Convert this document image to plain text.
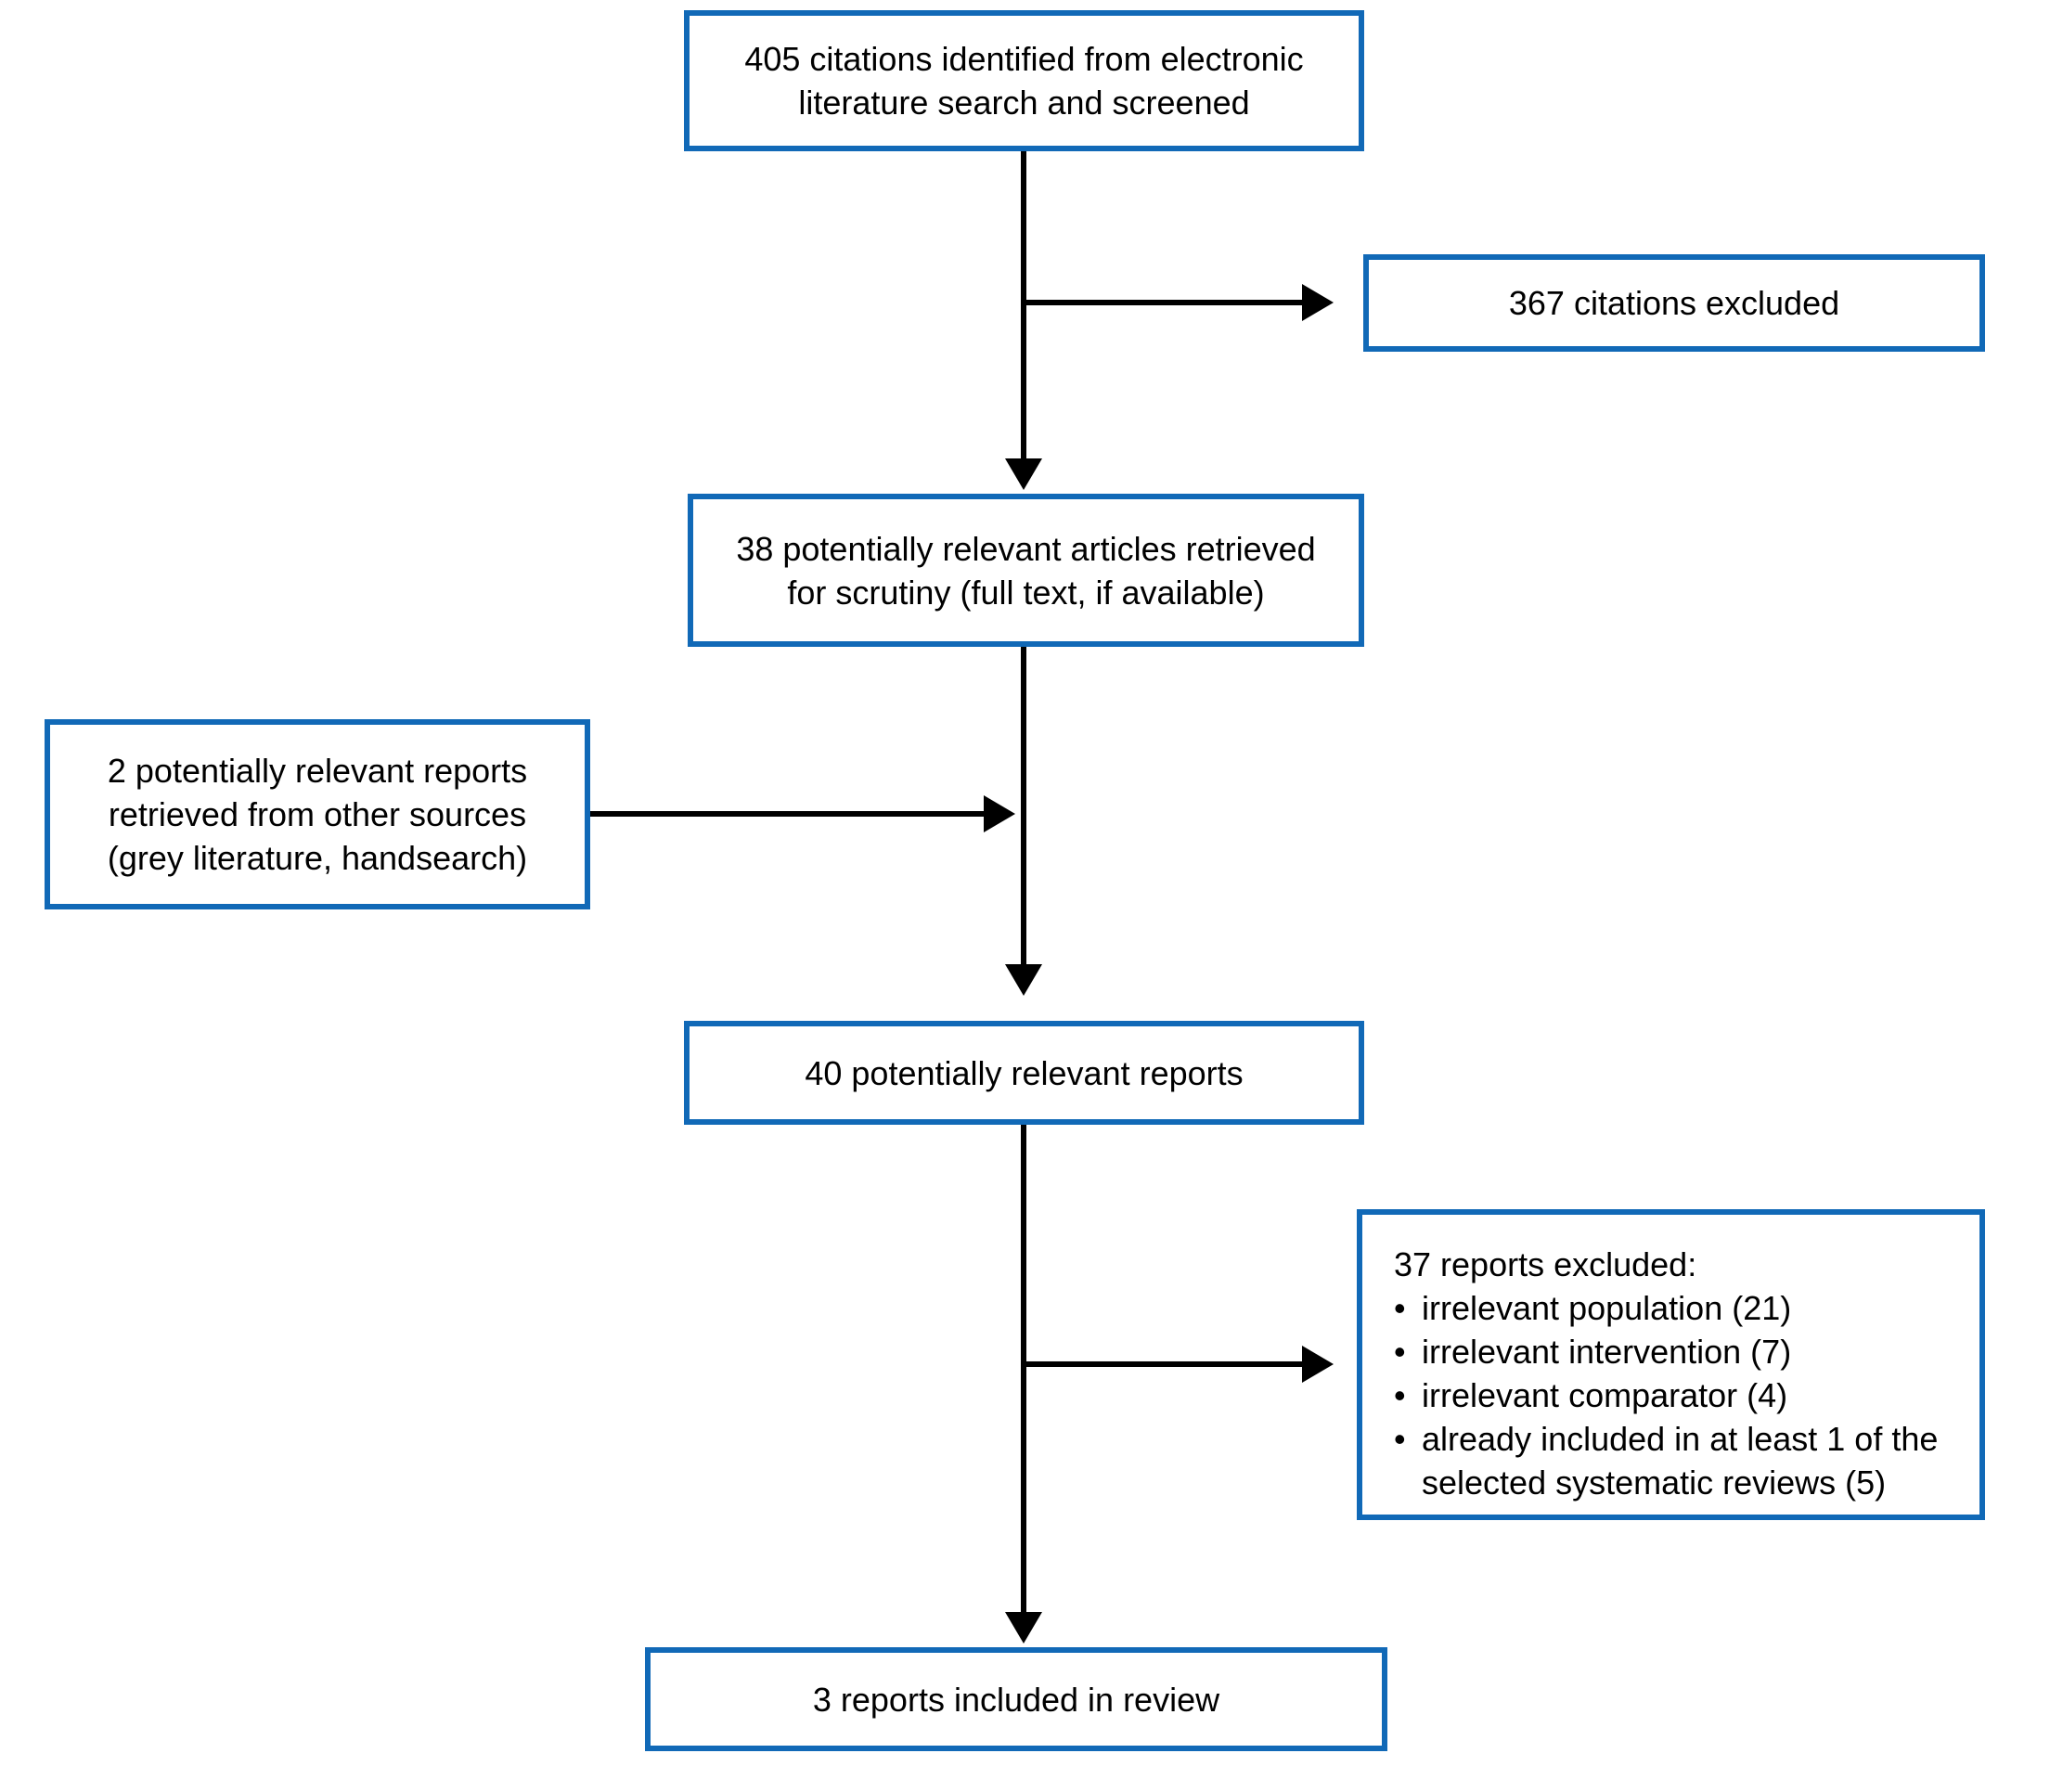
405 citations identified from electronic
literature search and screened
367 citations excluded
38 potentially relevant articles retrieved
for scrutiny (full text, if available)
2 potentially relevant reports
retrieved from other sources
(grey literature, handsearch)
40 potentially relevant reports
37 reports excluded:
• irrelevant population (21)
• irrelevant intervention (7)
• irrelevant comparator (4)
• already included in at least 1 of the selected systematic reviews (5)
3 reports included in review
